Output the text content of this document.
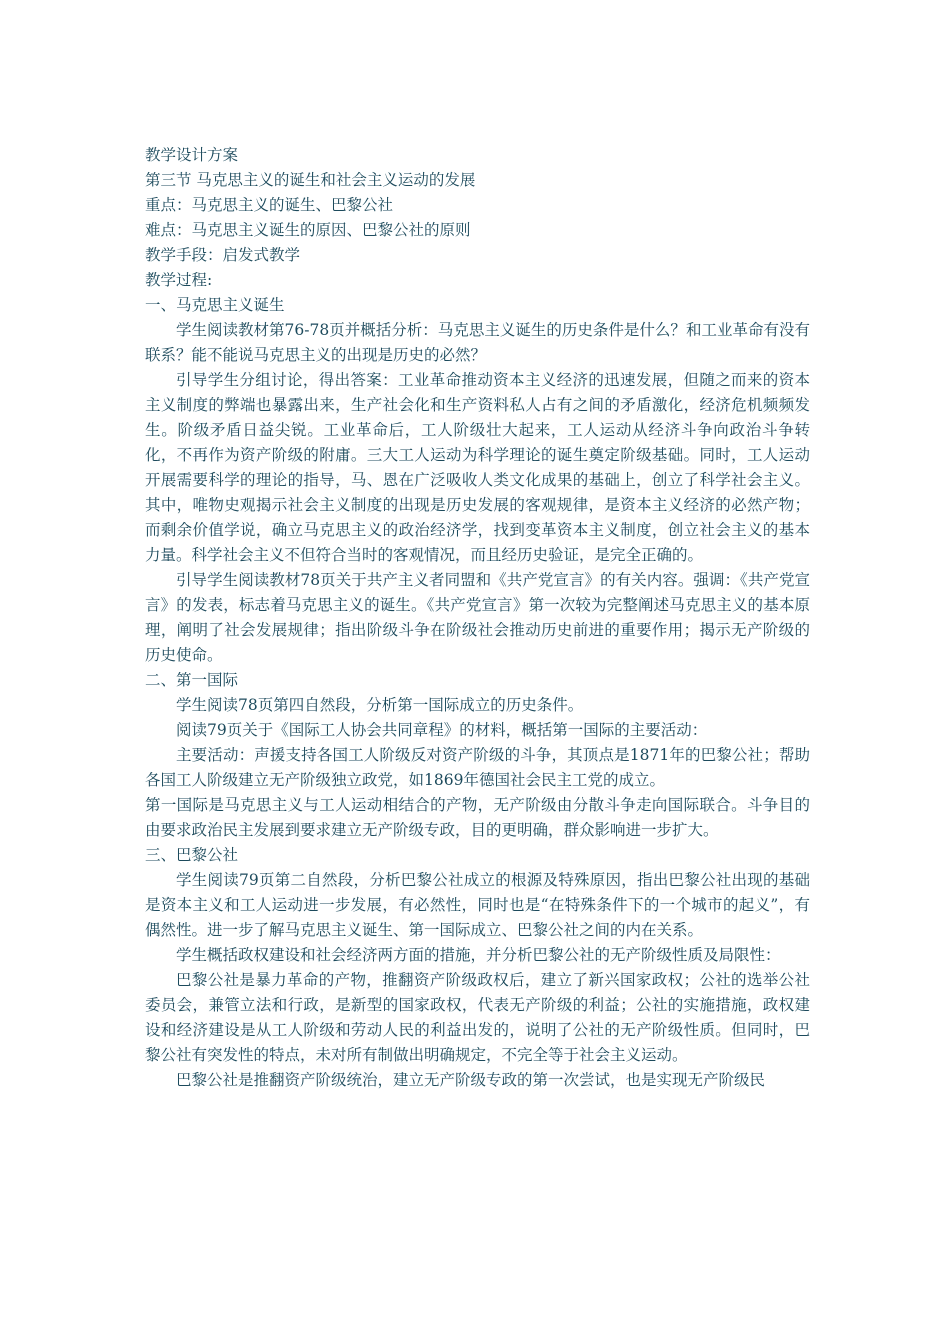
教学设计方案

第三节 马克思主义的诞生和社会主义运动的发展

重点：马克思主义的诞生、巴黎公社

难点：马克思主义诞生的原因、巴黎公社的原则

教学手段：启发式教学

教学过程:

一、马克思主义诞生

学生阅读教材第76-78页并概括分析：马克思主义诞生的历史条件是什么？和工业革命有没有联系？能不能说马克思主义的出现是历史的必然？

引导学生分组讨论，得出答案：工业革命推动资本主义经济的迅速发展，但随之而来的资本主义制度的弊端也暴露出来，生产社会化和生产资料私人占有之间的矛盾激化，经济危机频频发生。阶级矛盾日益尖锐。工业革命后，工人阶级壮大起来，工人运动从经济斗争向政治斗争转化，不再作为资产阶级的附庸。三大工人运动为科学理论的诞生奠定阶级基础。同时，工人运动开展需要科学的理论的指导，马、恩在广泛吸收人类文化成果的基础上，创立了科学社会主义。其中，唯物史观揭示社会主义制度的出现是历史发展的客观规律，是资本主义经济的必然产物；而剩余价值学说，确立马克思主义的政治经济学，找到变革资本主义制度，创立社会主义的基本力量。科学社会主义不但符合当时的客观情况，而且经历史验证，是完全正确的。

引导学生阅读教材78页关于共产主义者同盟和《共产党宣言》的有关内容。强调：《共产党宣言》的发表，标志着马克思主义的诞生。《共产党宣言》第一次较为完整阐述马克思主义的基本原理，阐明了社会发展规律；指出阶级斗争在阶级社会推动历史前进的重要作用；揭示无产阶级的历史使命。

二、第一国际

学生阅读78页第四自然段，分析第一国际成立的历史条件。

阅读79页关于《国际工人协会共同章程》的材料，概括第一国际的主要活动：

主要活动：声援支持各国工人阶级反对资产阶级的斗争，其顶点是1871年的巴黎公社；帮助各国工人阶级建立无产阶级独立政党，如1869年德国社会民主工党的成立。

第一国际是马克思主义与工人运动相结合的产物，无产阶级由分散斗争走向国际联合。斗争目的由要求政治民主发展到要求建立无产阶级专政，目的更明确，群众影响进一步扩大。

三、巴黎公社

学生阅读79页第二自然段，分析巴黎公社成立的根源及特殊原因，指出巴黎公社出现的基础是资本主义和工人运动进一步发展，有必然性，同时也是“在特殊条件下的一个城市的起义”，有偶然性。进一步了解马克思主义诞生、第一国际成立、巴黎公社之间的内在关系。

学生概括政权建设和社会经济两方面的措施，并分析巴黎公社的无产阶级性质及局限性：

巴黎公社是暴力革命的产物，推翻资产阶级政权后，建立了新兴国家政权；公社的选举公社委员会，兼管立法和行政，是新型的国家政权，代表无产阶级的利益；公社的实施措施，政权建设和经济建设是从工人阶级和劳动人民的利益出发的，说明了公社的无产阶级性质。但同时，巴黎公社有突发性的特点，未对所有制做出明确规定，不完全等于社会主义运动。

巴黎公社是推翻资产阶级统治，建立无产阶级专政的第一次尝试，也是实现无产阶级民
